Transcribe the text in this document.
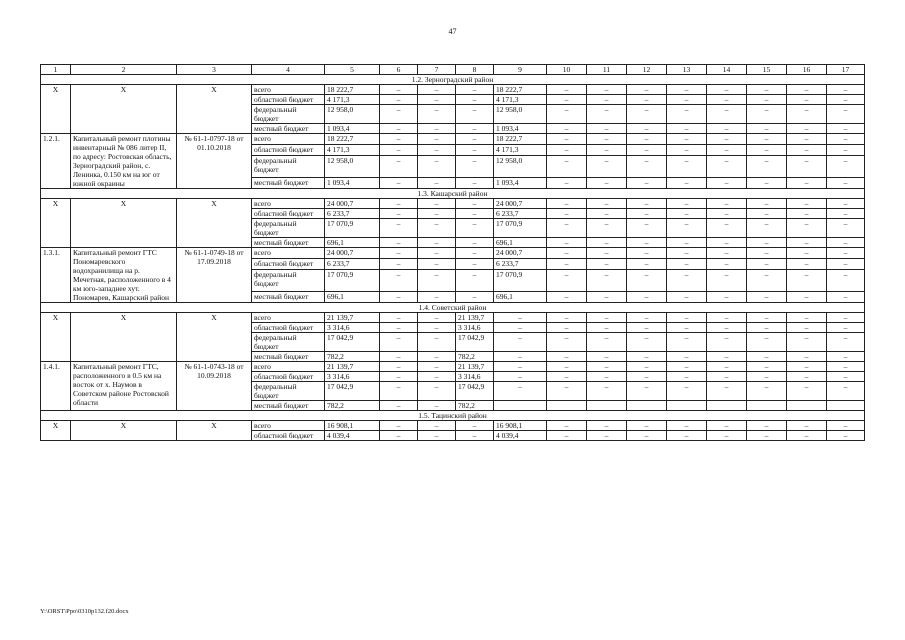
47
1	2	3	4	5	6	7	8	9	10	11	12	13	14	15	16	17
1.2. Зерноградский район																
X	X	X	всего	18 222,7	–	–	–	18 222,7	–	–	–	–	–	–	–	–
			областной бюджет	4 171,3	–	–	–	4 171,3	–	–	–	–	–	–	–	–
			федеральный бюджет	12 958,0	–	–	–	12 958,0	–	–	–	–	–	–	–	–
			местный бюджет	1 093,4	–	–	–	1 093,4	–	–	–	–	–	–	–	–
1.2.1.	Капитальный ремонт плотины инвентарный № 086 литер II, по адресу: Ростовская область, Зерноградский район, с. Ленинка, 0.150 км на юг от южной окраины	№ 61-1-0797-18 от 01.10.2018	всего	18 222,7	–	–	–	18 222,7	–	–	–	–	–	–	–	–
			областной бюджет	4 171,3	–	–	–	4 171,3	–	–	–	–	–	–	–	–
			федеральный бюджет	12 958,0	–	–	–	12 958,0	–	–	–	–	–	–	–	–
			местный бюджет	1 093,4	–	–	–	1 093,4	–	–	–	–	–	–	–	–
1.3. Кашарский район																
X	X	X	всего	24 000,7	–	–	–	24 000,7	–	–	–	–	–	–	–	–
			областной бюджет	6 233,7	–	–	–	6 233,7	–	–	–	–	–	–	–	–
			федеральный бюджет	17 070,9	–	–	–	17 070,9	–	–	–	–	–	–	–	–
			местный бюджет	696,1	–	–	–	696,1	–	–	–	–	–	–	–	–
1.3.1.	Капитальный ремонт ГТС Пономаревского водохранилища на р. Мечетная, расположенного в 4 км юго-западнее хут. Пономарев, Кашарский район	№ 61-1-0749-18 от 17.09.2018	всего	24 000,7	–	–	–	24 000,7	–	–	–	–	–	–	–	–
			областной бюджет	6 233,7	–	–	–	6 233,7	–	–	–	–	–	–	–	–
			федеральный бюджет	17 070,9	–	–	–	17 070,9	–	–	–	–	–	–	–	–
			местный бюджет	696,1	–	–	–	696,1	–	–	–	–	–	–	–	–
1.4. Советский район																
X	X	X	всего	21 139,7	–	–	21 139,7	–	–	–	–	–	–	–	–	–
			областной бюджет	3 314,6	–	–	3 314,6	–	–	–	–	–	–	–	–	–
			федеральный бюджет	17 042,9	–	–	17 042,9	–	–	–	–	–	–	–	–	–
			местный бюджет	782,2	–	–	782,2	–	–	–	–	–	–	–	–	–
1.4.1.	Капитальный ремонт ГТС, расположенного в 0.5 км на восток от х. Наумов в Советском районе Ростовской области	№ 61-1-0743-18 от 10.09.2018	всего	21 139,7	–	–	21 139,7	–	–	–	–	–	–	–	–	–
			областной бюджет	3 314,6	–	–	3 314,6	–	–	–	–	–	–	–	–	–
			федеральный бюджет	17 042,9	–	–	17 042,9	–	–	–	–	–	–	–	–	–
			местный бюджет	782,2	–	–	782,2									
1.5. Тацинский район																
X	X	X	всего	16 908,1	–	–	–	16 908,1	–	–	–	–	–	–	–	–
			областной бюджет	4 039,4	–	–	–	4 039,4	–	–	–	–	–	–	–	–
Y:\ORST\Ppo\0310p132.f20.docx
